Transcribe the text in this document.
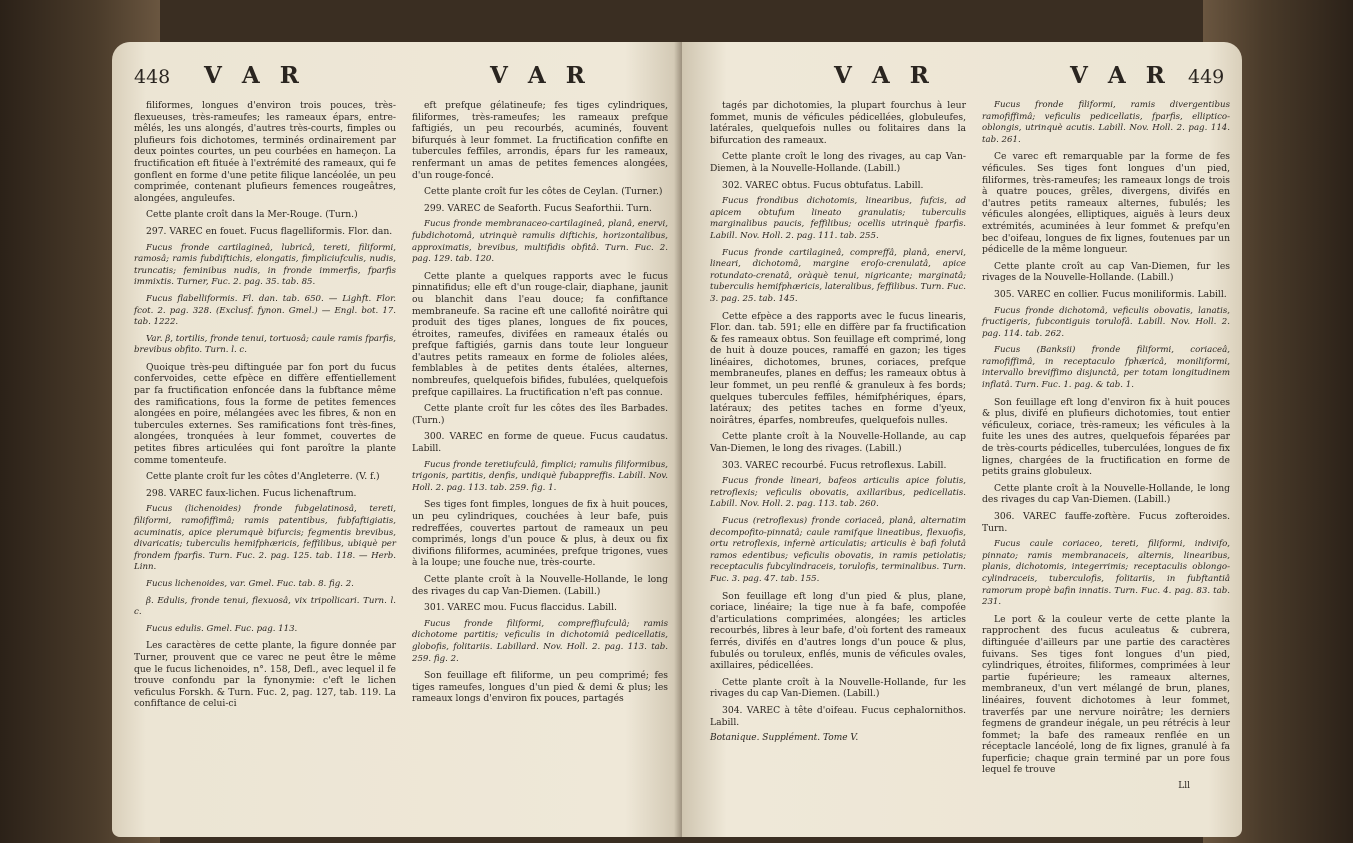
448 V A R	V A R

filiformes, longues d'environ trois pouces, très-flexueuses, très-rameufes; les rameaux épars, entre-mêlés, les uns alongés, d'autres très-courts, fimples ou plufieurs fois dichotomes, terminés ordinairement par deux pointes courtes, un peu courbées en hameçon. La fructification eft fituée à l'extrémité des rameaux, qui fe gonflent en forme d'une petite filique lancéolée, un peu comprimée, contenant plufieurs femences rougeâtres, alongées, anguleufes.

Cette plante croît dans la Mer-Rouge. (Turn.)

297. VAREC en fouet. Fucus flagelliformis. Flor. dan.

Fucus fronde cartilagineâ, lubricâ, tereti, filiformi, ramosâ; ramis fubdiftichis, elongatis, fimpliciufculis, nudis, truncatis; feminibus nudis, in fronde immerfis, fparfis immixtis. Turner, Fuc. 2. pag. 35. tab. 85.

Fucus flabelliformis. Fl. dan. tab. 650. — Lighft. Flor. fcot. 2. pag. 328. (Exclusf. fynon. Gmel.) — Engl. bot. 17. tab. 1222.

Var. β, tortilis, fronde tenui, tortuosâ; caule ramis fparfis, brevibus obfito. Turn. l. c.

Quoique très-peu diftinguée par fon port du fucus confervoides, cette efpèce en diffère effentiellement par fa fructification enfoncée dans la fubftance même des ramifications, fous la forme de petites femences alongées en poire, mélangées avec les fibres, & non en tubercules externes. Ses ramifications font très-fines, alongées, tronquées à leur fommet, couvertes de petites fibres articulées qui font paroître la plante comme tomenteufe.

Cette plante croît fur les côtes d'Angleterre. (V. f.)

298. VAREC faux-lichen. Fucus lichenaftrum.

Fucus (lichenoides) fronde fubgelatinosâ, tereti, filiformi, ramofiffimâ; ramis patentibus, fubfaftigiatis, acuminatis, apice plerumquè bifurcis; fegmentis brevibus, divaricatis; tuberculis hemifphæricis, feffilibus, ubiquè per frondem fparfis. Turn. Fuc. 2. pag. 125. tab. 118. — Herb. Linn.

Fucus lichenoides, var. Gmel. Fuc. tab. 8. fig. 2.

β. Edulis, fronde tenui, flexuosâ, vix tripollicari. Turn. l. c.

Fucus edulis. Gmel. Fuc. pag. 113.

Les caractères de cette plante, la figure donnée par Turner, prouvent que ce varec ne peut être le même que le fucus lichenoides, n°. 158, Defl., avec lequel il fe trouve confondu par la fynonymie: c'eft le lichen veficulus Forskh. & Turn. Fuc. 2, pag. 127, tab. 119. La confiftance de celui-ci

eft prefque gélatineufe; fes tiges cylindriques, filiformes, très-rameufes; les rameaux prefque faftigiés, un peu recourbés, acuminés, fouvent bifurqués à leur fommet. La fructification confifte en tubercules feffiles, arrondis, épars fur les rameaux, renfermant un amas de petites femences alongées, d'un rouge-foncé.

Cette plante croît fur les côtes de Ceylan. (Turner.)

299. VAREC de Seaforth. Fucus Seaforthii. Turn.

Fucus fronde membranaceo-cartilagineâ, planâ, enervi, fubdichotomâ, utrinquè ramulis diftichis, horizontalibus, approximatis, brevibus, multifidis obfitâ. Turn. Fuc. 2. pag. 129. tab. 120.

Cette plante a quelques rapports avec le fucus pinnatifidus; elle eft d'un rouge-clair, diaphane, jaunit ou blanchit dans l'eau douce; fa confiftance membraneufe. Sa racine eft une callofité noirâtre qui produit des tiges planes, longues de fix pouces, étroites, rameufes, divifées en rameaux étalés ou prefque faftigiés, garnis dans toute leur longueur d'autres petits rameaux en forme de folioles alées, femblables à de petites dents étalées, alternes, nombreufes, quelquefois bifides, fubulées, quelquefois prefque capillaires. La fructification n'eft pas connue.

Cette plante croît fur les côtes des îles Barbades. (Turn.)

300. VAREC en forme de queue. Fucus caudatus. Labill.

Fucus fronde teretiufculâ, fimplici; ramulis filiformibus, trigonis, partitis, denfis, undiquè fubappreffis. Labill. Nov. Holl. 2. pag. 113. tab. 259. fig. 1.

Ses tiges font fimples, longues de fix à huit pouces, un peu cylindriques, couchées à leur bafe, puis redreffées, couvertes partout de rameaux un peu comprimés, longs d'un pouce & plus, à deux ou fix divifions filiformes, acuminées, prefque trigones, vues à la loupe; une fouche nue, très-courte.

Cette plante croît à la Nouvelle-Hollande, le long des rivages du cap Van-Diemen. (Labill.)

301. VAREC mou. Fucus flaccidus. Labill.

Fucus fronde filiformi, compreffiufculâ; ramis dichotome partitis; veficulis in dichotomiâ pedicellatis, globofis, folitariis. Labillard. Nov. Holl. 2. pag. 113. tab. 259. fig. 2.

Son feuillage eft filiforme, un peu comprimé; fes tiges rameufes, longues d'un pied & demi & plus; les rameaux longs d'environ fix pouces, partagés

V A R	V A R 449

tagés par dichotomies, la plupart fourchus à leur fommet, munis de véficules pédicellées, globuleufes, latérales, quelquefois nulles ou folitaires dans la bifurcation des rameaux.

Cette plante croît le long des rivages, au cap Van-Diemen, à la Nouvelle-Hollande. (Labill.)

302. VAREC obtus. Fucus obtufatus. Labill.

Fucus frondibus dichotomis, linearibus, fufcis, ad apicem obtufum lineato granulatis; tuberculis marginalibus paucis, feffilibus; ocellis utrinquè fparfis. Labill. Nov. Holl. 2. pag. 111. tab. 255.

Fucus fronde cartilagineâ, compreffâ, planâ, enervi, lineari, dichotomâ, margine eroſo-crenulatâ, apice rotundato-crenatâ, oràquè tenui, nigricante; marginatâ; tuberculis hemifphæricis, lateralibus, feffilibus. Turn. Fuc. 3. pag. 25. tab. 145.

Cette efpèce a des rapports avec le fucus linearis, Flor. dan. tab. 591; elle en diffère par fa fructification & fes rameaux obtus. Son feuillage eft comprimé, long de huit à douze pouces, ramaffé en gazon; les tiges linéaires, dichotomes, brunes, coriaces, prefque membraneufes, planes en deffus; les rameaux obtus à leur fommet, un peu renflé & granuleux à fes bords; quelques tubercules feffiles, hémifphériques, épars, latéraux; des petites taches en forme d'yeux, noirâtres, éparfes, nombreufes, quelquefois nulles.

Cette plante croît à la Nouvelle-Hollande, au cap Van-Diemen, le long des rivages. (Labill.)

303. VAREC recourbé. Fucus retroflexus. Labill.

Fucus fronde lineari, bafeos articulis apice folutis, retroflexis; veficulis obovatis, axillaribus, pedicellatis. Labill. Nov. Holl. 2. pag. 113. tab. 260.

Fucus (retroflexus) fronde coriaceâ, planâ, alternatim decompofito-pinnatâ; caule ramifque lineatibus, flexuofis, ortu retroflexis, infernè articulatis; articulis è bafi folutâ ramos edentibus; veficulis obovatis, in ramis petiolatis; receptaculis fubcylindraceis, torulofis, terminalibus. Turn. Fuc. 3. pag. 47. tab. 155.

Son feuillage eft long d'un pied & plus, plane, coriace, linéaire; la tige nue à fa bafe, compofée d'articulations comprimées, alongées; les articles recourbés, libres à leur bafe, d'où fortent des rameaux ferrés, divifés en d'autres longs d'un pouce & plus, fubulés ou toruleux, enflés, munis de véficules ovales, axillaires, pédicellées.

Cette plante croît à la Nouvelle-Hollande, fur les rivages du cap Van-Diemen. (Labill.)

304. VAREC à tête d'oifeau. Fucus cephalornithos. Labill.

Botanique. Supplément. Tome V.

Fucus fronde filiformi, ramis divergentibus ramofiffimâ; veficulis pedicellatis, fparfis, elliptico-oblongis, utrinquè acutis. Labill. Nov. Holl. 2. pag. 114. tab. 261.

Ce varec eft remarquable par la forme de fes véficules. Ses tiges font longues d'un pied, filiformes, très-rameufes; les rameaux longs de trois à quatre pouces, grêles, divergens, divifés en d'autres petits rameaux alternes, fubulés; les véficules alongées, elliptiques, aiguës à leurs deux extrémités, acuminées à leur fommet & prefqu'en bec d'oifeau, longues de fix lignes, foutenues par un pédicelle de la même longueur.

Cette plante croît au cap Van-Diemen, fur les rivages de la Nouvelle-Hollande. (Labill.)

305. VAREC en collier. Fucus moniliformis. Labill.

Fucus fronde dichotomâ, veficulis obovatis, lanatis, fructigeris, fubcontiguis torulofâ. Labill. Nov. Holl. 2. pag. 114. tab. 262.

Fucus (Banksii) fronde filiformi, coriaceâ, ramofiffimâ, in receptaculo fphæricâ, moniliformi, intervallo breviffimo disjunctâ, per totam longitudinem inflatâ. Turn. Fuc. 1. pag. & tab. 1.

Son feuillage eft long d'environ fix à huit pouces & plus, divifé en plufieurs dichotomies, tout entier véficuleux, coriace, très-rameux; les véficules à la fuite les unes des autres, quelquefois féparées par de très-courts pédicelles, tuberculées, longues de fix lignes, chargées de la fructification en forme de petits grains globuleux.

Cette plante croît à la Nouvelle-Hollande, le long des rivages du cap Van-Diemen. (Labill.)

306. VAREC fauffe-zoftère. Fucus zofteroides. Turn.

Fucus caule coriaceo, tereti, filiformi, indivifo, pinnato; ramis membranaceis, alternis, linearibus, planis, dichotomis, integerrimis; receptaculis oblongo-cylindraceis, tuberculofis, folitariis, in fubftantiâ ramorum propè bafin innatis. Turn. Fuc. 4. pag. 83. tab. 231.

Le port & la couleur verte de cette plante la rapprochent des fucus aculeatus & cubrera, diftinguée d'ailleurs par une partie des caractères fuivans. Ses tiges font longues d'un pied, cylindriques, étroites, filiformes, comprimées à leur partie fupérieure; les rameaux alternes, membraneux, d'un vert mélangé de brun, planes, linéaires, fouvent dichotomes à leur fommet, traverfés par une nervure noirâtre; les derniers fegmens de grandeur inégale, un peu rétrécis à leur fommet; la bafe des rameaux renflée en un réceptacle lancéolé, long de fix lignes, granulé à fa fuperficie; chaque grain terminé par un pore fous lequel fe trouve

Lll
